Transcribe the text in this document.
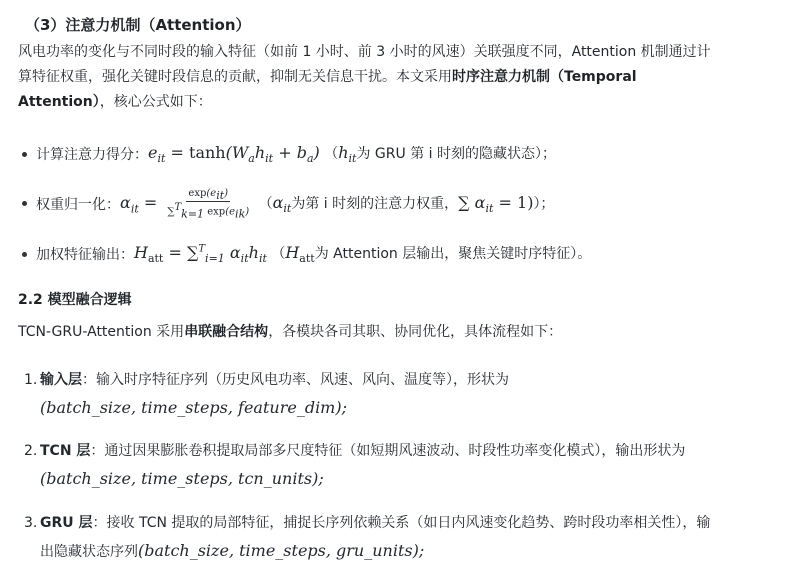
（3）注意力机制（Attention）
风电功率的变化与不同时段的输入特征（如前 1 小时、前 3 小时的风速）关联强度不同，Attention 机制通过计
算特征权重，强化关键时段信息的贡献，抑制无关信息干扰。本文采用时序注意力机制（Temporal
Attention），核心公式如下：
计算注意力得分： $e_{it} = \tanh(W_ah_{it} + b_a)$ （$h_{it}$为 GRU 第 i 时刻的隐藏状态）；
权重归一化： $\alpha_{it} = \frac{\exp(e_{it})}{\sum^T_{k=1} \exp(e_{ik})} (\alpha_{it}$为第 i 时刻的注意力权重，∑ $\alpha_{it} = 1$)）；
加权特征输出： $H_{att} = \sum^T_{i=1}$ $\alpha_{it}h_{it}$ （$H_{att}$为 Attention 层输出，聚焦关键时序特征）。
2.2 模型融合逻辑
TCN-GRU-Attention 采用串联融合结构，各模块各司其职、协同优化，具体流程如下：
1. 输入层：输入时序特征序列（历史风电功率、风速、风向、温度等），形状为
(batch_size, time_steps, feature_dim);
2. TCN 层：通过因果膨胀卷积提取局部多尺度特征（如短期风速波动、时段性功率变化模式），输出形状为
(batch_size, time_steps, tcn_units);
3. GRU 层：接收 TCN 提取的局部特征，捕捉长序列依赖关系（如日内风速变化趋势、跨时段功率相关性），输
出隐藏状态序列(batch_size, time_steps, gru_units);
